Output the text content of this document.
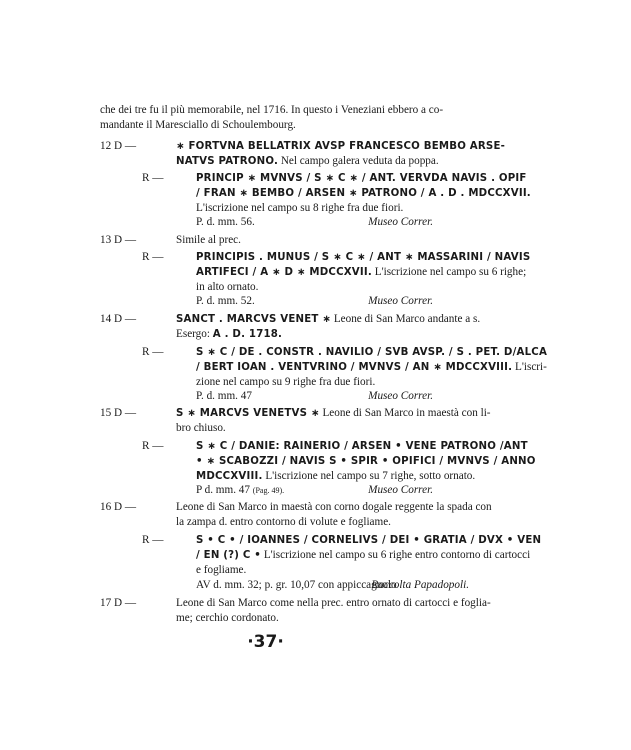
che dei tre fu il più memorabile, nel 1716. In questo i Veneziani ebbero a co-
mandante il Maresciallo di Schoulembourg.
12 D —	∗ FORTVNA BELLATRIX AVSP FRANCESCO BEMBO ARSE-
NATVS PATRONO. Nel campo galera veduta da poppa.
R —	PRINCIP ∗ MVNVS / S ∗ C ∗ / ANT. VERVDA NAVIS . OPIF
/ FRAN ∗ BEMBO / ARSEN ∗ PATRONO / A . D . MDCCXVII.
L'iscrizione nel campo su 8 righe fra due fiori.
P. d. mm. 56.	Museo Correr.
13 D —	Simile al prec.
R —	PRINCIPIS . MUNUS / S ∗ C ∗ / ANT ∗ MASSARINI / NAVIS
ARTIFECI / A ∗ D ∗ MDCCXVII. L'iscrizione nel campo su 6 righe;
in alto ornato.
P. d. mm. 52.	Museo Correr.
14 D —	SANCT . MARCVS VENET ∗ Leone di San Marco andante a s.
Esergo: A . D. 1718.
R —	S ∗ C / DE . CONSTR . NAVILIO / SVB AVSP. / S . PET. D/ALCA
/ BERT IOAN . VENTVRINO / MVNVS / AN ∗ MDCCXVIII. L'iscri-
zione nel campo su 9 righe fra due fiori.
P. d. mm. 47	Museo Correr.
15 D —	S ∗ MARCVS VENETVS ∗ Leone di San Marco in maestà con li-
bro chiuso.
R —	S ∗ C / DANIE: RAINERIO / ARSEN • VENE PATRONO /ANT
• ∗ SCABOZZI / NAVIS S • SPIR • OPIFICI / MVNVS / ANNO
MDCCXVIII. L'iscrizione nel campo su 7 righe, sotto ornato.
P d. mm. 47 (Pag. 49).	Museo Correr.
16 D —	Leone di San Marco in maestà con corno dogale reggente la spada con
la zampa d. entro contorno di volute e fogliame.
R —	S • C • / IOANNES / CORNELIVS / DEI • GRATIA / DVX • VEN
/ EN (?) C • L'iscrizione nel campo su 6 righe entro contorno di cartocci
e fogliame.
AV d. mm. 32; p. gr. 10,07 con appiccagnolo
Raccolta Papadopoli.
17 D —	Leone di San Marco come nella prec. entro ornato di cartocci e foglia-
me; cerchio cordonato.
·37·
